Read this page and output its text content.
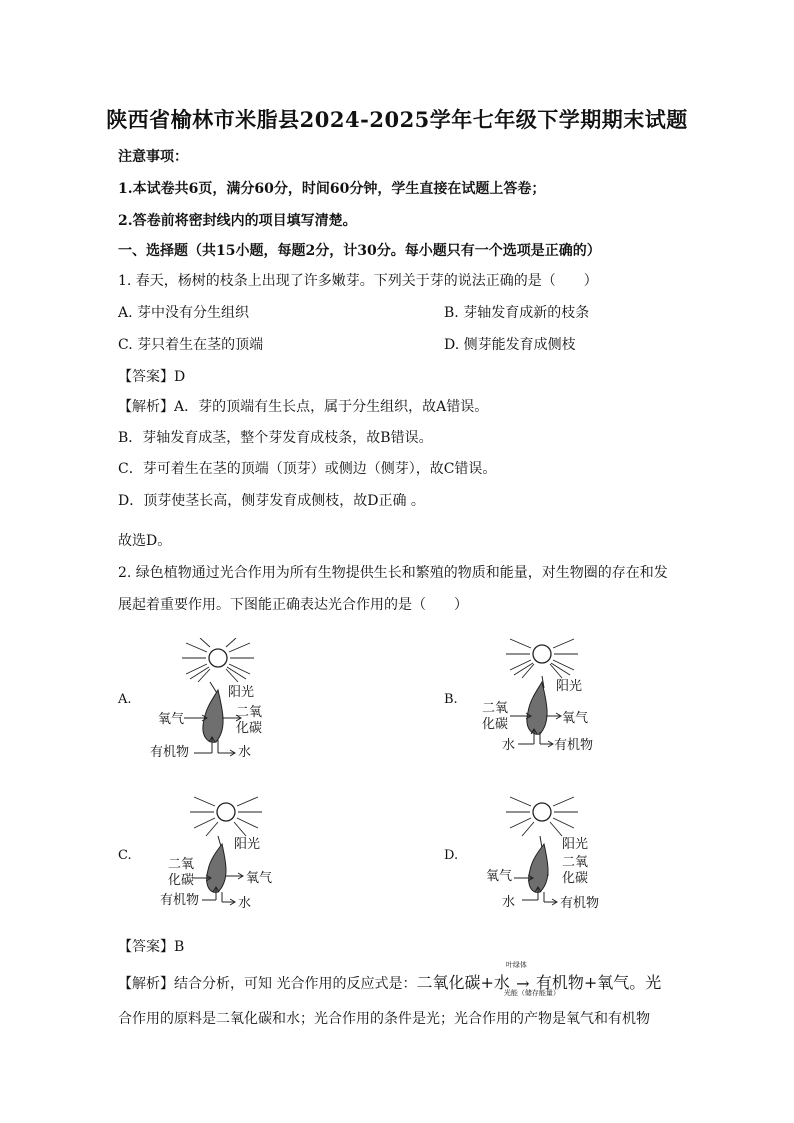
陕西省榆林市米脂县2024-2025学年七年级下学期期末试题
注意事项：
1.本试卷共6页，满分60分，时间60分钟，学生直接在试题上答卷；
2.答卷前将密封线内的项目填写清楚。
一、选择题（共15小题，每题2分，计30分。每小题只有一个选项是正确的）
1. 春天，杨树的枝条上出现了许多嫩芽。下列关于芽的说法正确的是（　　）
A. 芽中没有分生组织	B. 芽轴发育成新的枝条
C. 芽只着生在茎的顶端	D. 侧芽能发育成侧枝
【答案】D
【解析】A．芽的顶端有生长点，属于分生组织，故A错误。
B．芽轴发育成茎，整个芽发育成枝条，故B错误。
C．芽可着生在茎的顶端（顶芽）或侧边（侧芽），故C错误。
D．顶芽使茎长高，侧芽发育成侧枝，故D正确 。
故选D。
2. 绿色植物通过光合作用为所有生物提供生长和繁殖的物质和能量，对生物圈的存在和发
展起着重要作用。下图能正确表达光合作用的是（　　）
阳光
氧气	二氧
化碳
有机物	水
A.
阳光
二氧
化碳	氧气
水	有机物
B.
阳光
二氧
化碳	氧气
有机物	水
C.
阳光
二氧
化碳
氧气
水	有机物
D.
【答案】B
【解析】结合分析，可知 光合作用的反应式是：二氧化碳+水
叶绿体
→
光能（储存能量）
有机物+氧气。光
合作用的原料是二氧化碳和水；光合作用的条件是光；光合作用的产物是氧气和有机物
